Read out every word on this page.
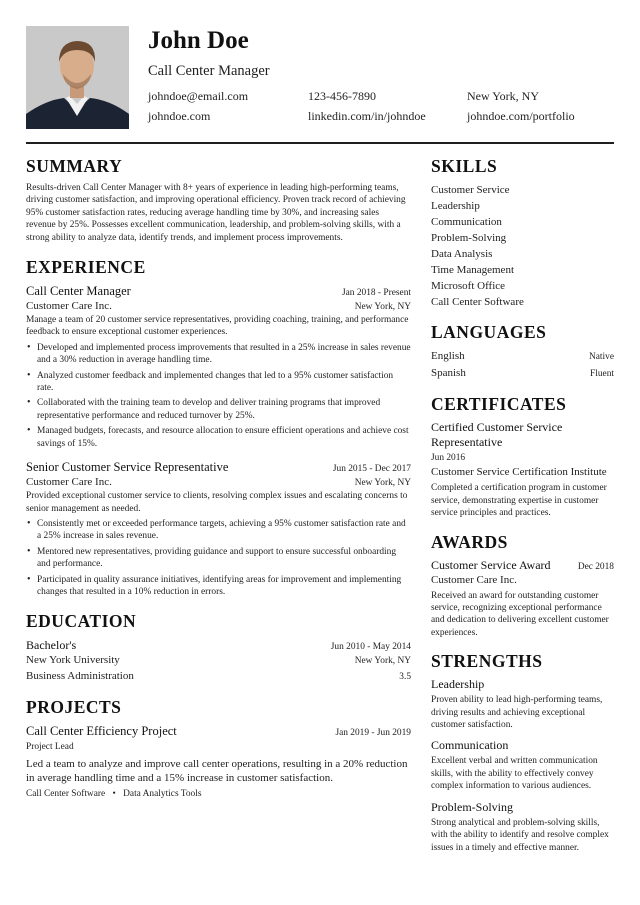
John Doe
Call Center Manager
johndoe@email.com	123-456-7890	New York, NY
johndoe.com	linkedin.com/in/johndoe	johndoe.com/portfolio
SUMMARY
Results-driven Call Center Manager with 8+ years of experience in leading high-performing teams, driving customer satisfaction, and improving operational efficiency. Proven track record of achieving 95% customer satisfaction rates, reducing average handling time by 30%, and increasing sales revenue by 25%. Possesses excellent communication, leadership, and problem-solving skills, with a strong ability to analyze data, identify trends, and implement process improvements.
EXPERIENCE
Call Center Manager	Jan 2018 - Present
Customer Care Inc.	New York, NY
Manage a team of 20 customer service representatives, providing coaching, training, and performance feedback to ensure exceptional customer experiences.
• Developed and implemented process improvements that resulted in a 25% increase in sales revenue and a 30% reduction in average handling time.
• Analyzed customer feedback and implemented changes that led to a 95% customer satisfaction rate.
• Collaborated with the training team to develop and deliver training programs that improved representative performance and reduced turnover by 25%.
• Managed budgets, forecasts, and resource allocation to ensure efficient operations and achieve cost savings of 15%.
Senior Customer Service Representative	Jun 2015 - Dec 2017
Customer Care Inc.	New York, NY
Provided exceptional customer service to clients, resolving complex issues and escalating concerns to senior management as needed.
• Consistently met or exceeded performance targets, achieving a 95% customer satisfaction rate and a 25% increase in sales revenue.
• Mentored new representatives, providing guidance and support to ensure successful onboarding and performance.
• Participated in quality assurance initiatives, identifying areas for improvement and implementing changes that resulted in a 10% reduction in errors.
EDUCATION
Bachelor's	Jun 2010 - May 2014
New York University	New York, NY
Business Administration	3.5
PROJECTS
Call Center Efficiency Project	Jan 2019 - Jun 2019
Project Lead
Led a team to analyze and improve call center operations, resulting in a 20% reduction in average handling time and a 15% increase in customer satisfaction.
Call Center Software • Data Analytics Tools
SKILLS
Customer Service
Leadership
Communication
Problem-Solving
Data Analysis
Time Management
Microsoft Office
Call Center Software
LANGUAGES
English	Native
Spanish	Fluent
CERTIFICATES
Certified Customer Service Representative
Jun 2016
Customer Service Certification Institute
Completed a certification program in customer service, demonstrating expertise in customer service principles and practices.
AWARDS
Customer Service Award	Dec 2018
Customer Care Inc.
Received an award for outstanding customer service, recognizing exceptional performance and dedication to delivering excellent customer experiences.
STRENGTHS
Leadership
Proven ability to lead high-performing teams, driving results and achieving exceptional customer satisfaction.
Communication
Excellent verbal and written communication skills, with the ability to effectively convey complex information to various audiences.
Problem-Solving
Strong analytical and problem-solving skills, with the ability to identify and resolve complex issues in a timely and effective manner.
